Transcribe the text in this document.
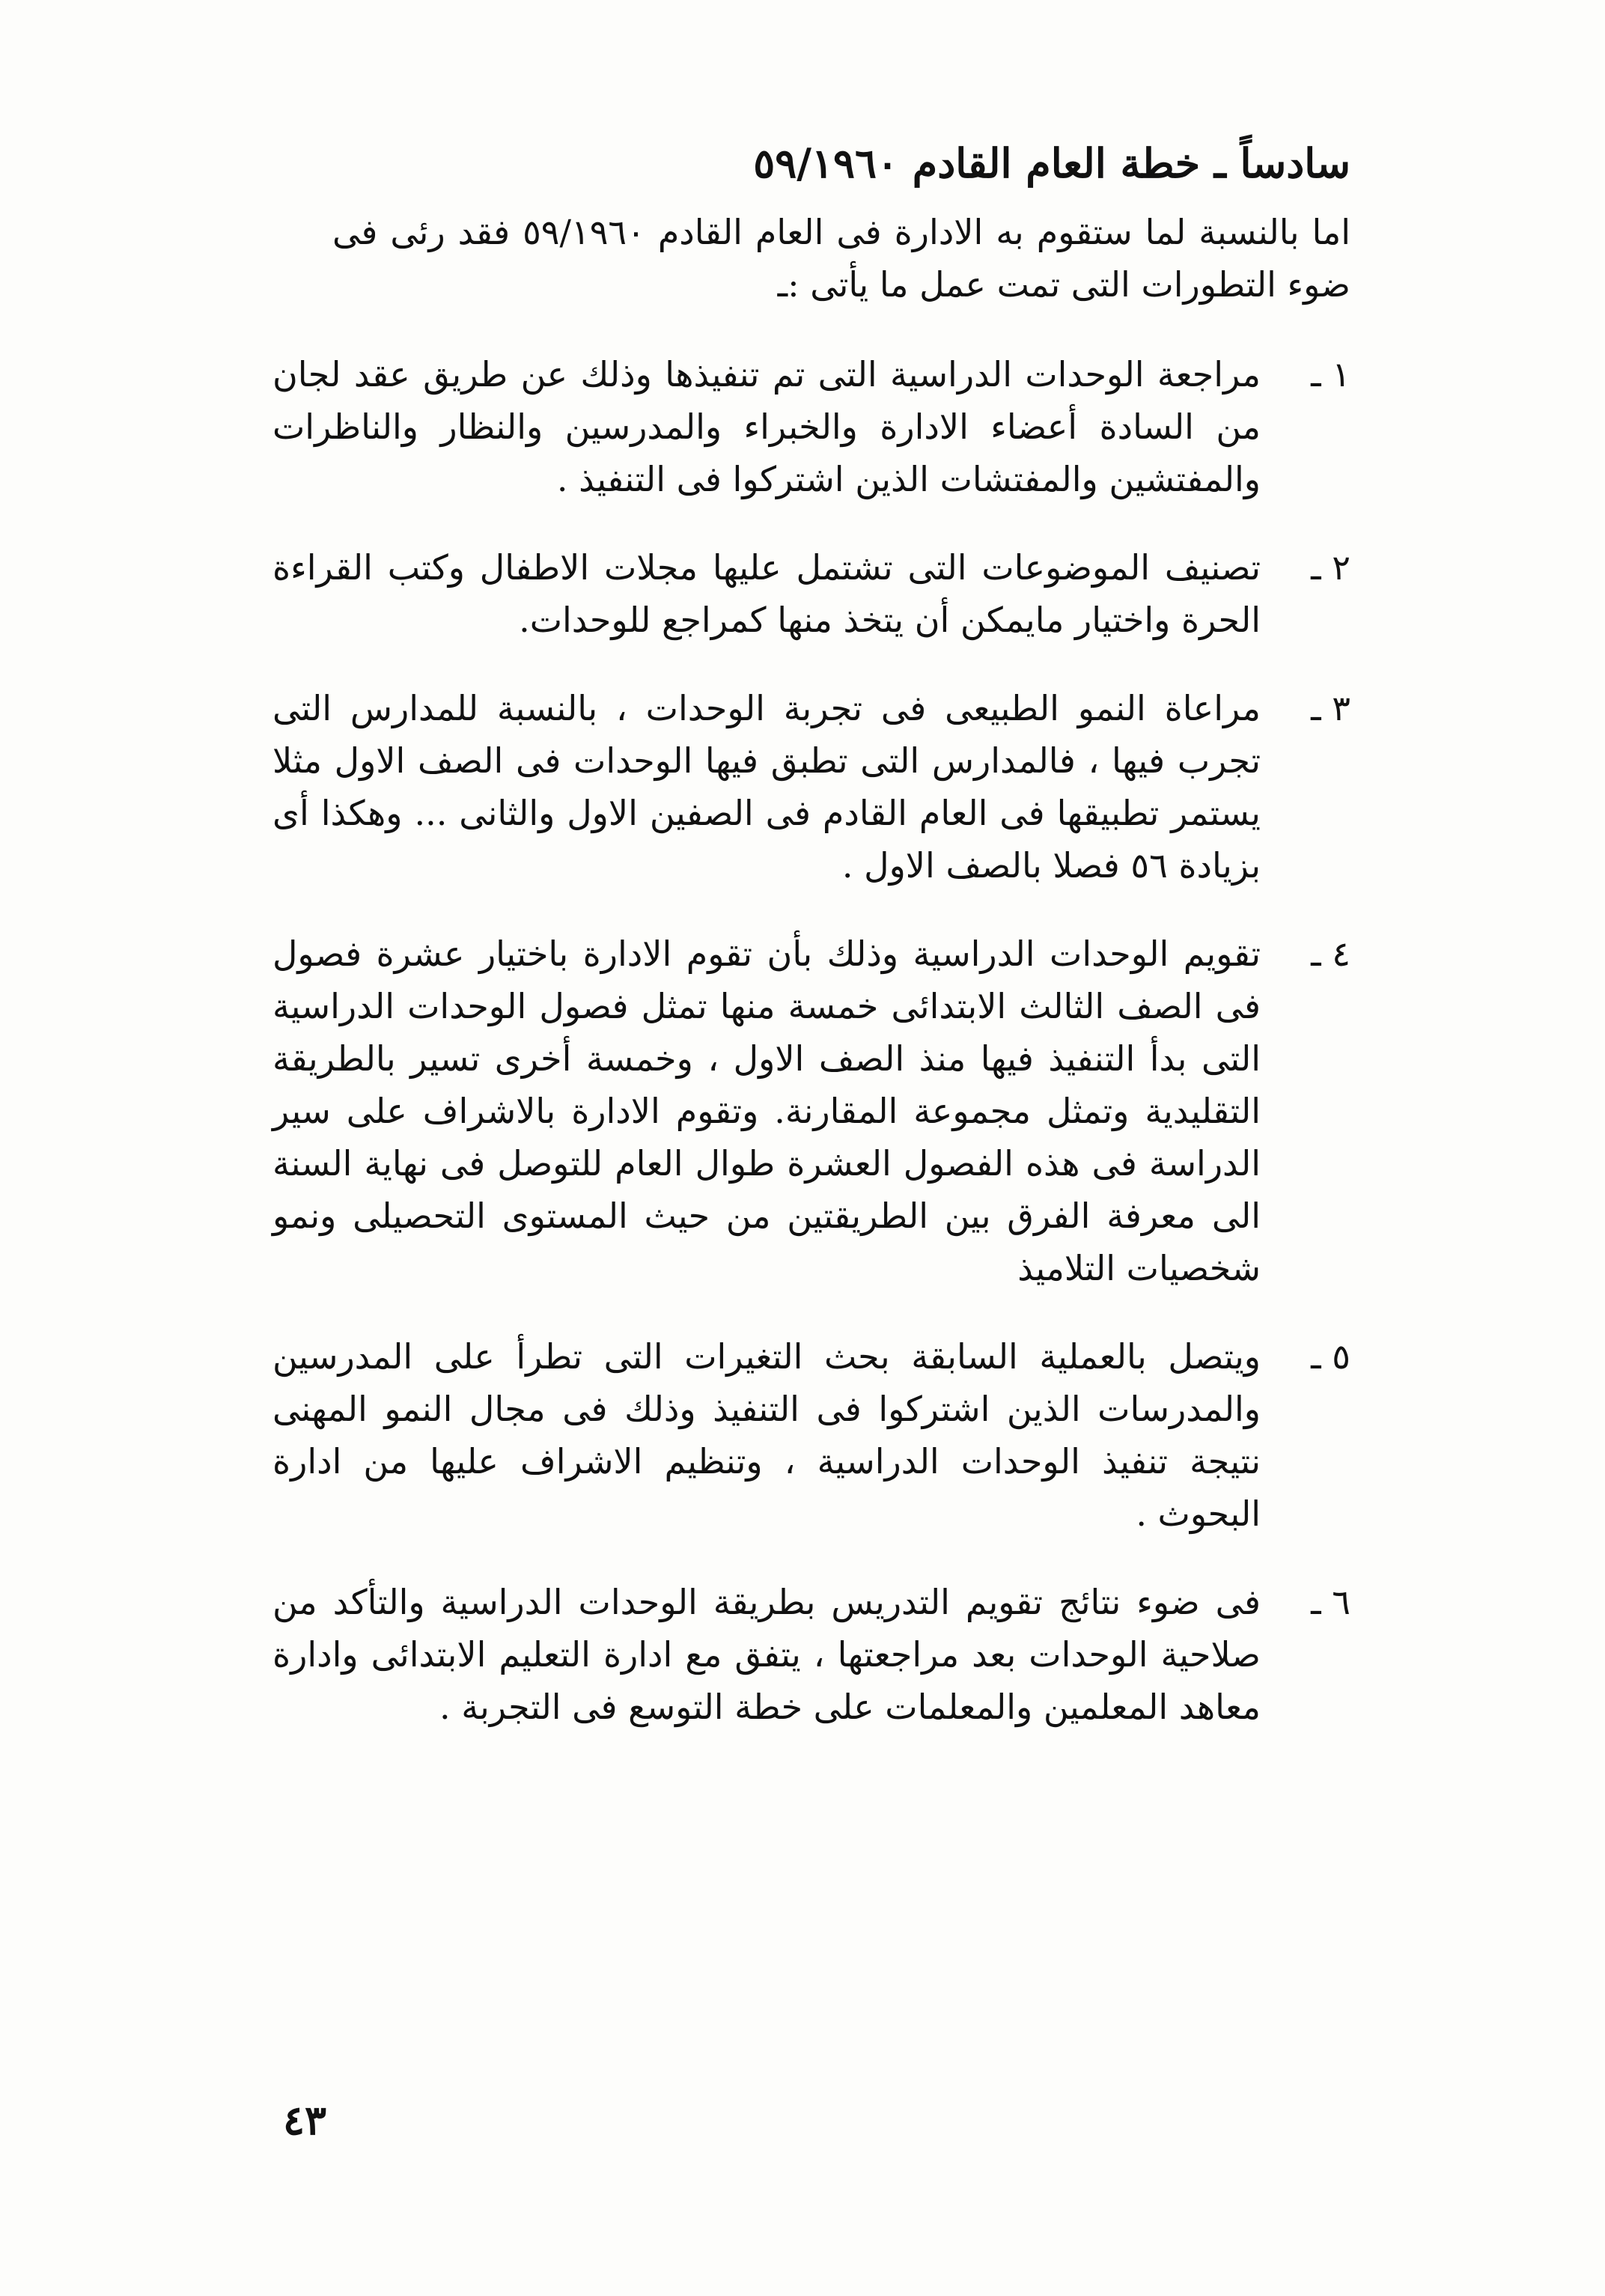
سادساً ـ خطة العام القادم ٥٩/١٩٦٠

اما بالنسبة لما ستقوم به الادارة فى العام القادم ٥٩/١٩٦٠ فقد رئى فى ضوء التطورات التى تمت عمل ما يأتى :ـ

١ ـ
مراجعة الوحدات الدراسية التى تم تنفيذها وذلك عن طريق عقد لجان من السادة أعضاء الادارة والخبراء والمدرسين والنظار والناظرات والمفتشين والمفتشات الذين اشتركوا فى التنفيذ .
٢ ـ
تصنيف الموضوعات التى تشتمل عليها مجلات الاطفال وكتب القراءة الحرة واختيار مايمكن أن يتخذ منها كمراجع للوحدات.
٣ ـ
مراعاة النمو الطبيعى فى تجربة الوحدات ، بالنسبة للمدارس التى تجرب فيها ، فالمدارس التى تطبق فيها الوحدات فى الصف الاول مثلا يستمر تطبيقها فى العام القادم فى الصفين الاول والثانى ... وهكذا أى بزيادة ٥٦ فصلا بالصف الاول .
٤ ـ
تقويم الوحدات الدراسية وذلك بأن تقوم الادارة باختيار عشرة فصول فى الصف الثالث الابتدائى خمسة منها تمثل فصول الوحدات الدراسية التى بدأ التنفيذ فيها منذ الصف الاول ، وخمسة أخرى تسير بالطريقة التقليدية وتمثل مجموعة المقارنة. وتقوم الادارة بالاشراف على سير الدراسة فى هذه الفصول العشرة طوال العام للتوصل فى نهاية السنة الى معرفة الفرق بين الطريقتين من حيث المستوى التحصيلى ونمو شخصيات التلاميذ
٥ ـ
ويتصل بالعملية السابقة بحث التغيرات التى تطرأ على المدرسين والمدرسات الذين اشتركوا فى التنفيذ وذلك فى مجال النمو المهنى نتيجة تنفيذ الوحدات الدراسية ، وتنظيم الاشراف عليها من ادارة البحوث .
٦ ـ
فى ضوء نتائج تقويم التدريس بطريقة الوحدات الدراسية والتأكد من صلاحية الوحدات بعد مراجعتها ، يتفق مع ادارة التعليم الابتدائى وادارة معاهد المعلمين والمعلمات على خطة التوسع فى التجربة .
٤٣
